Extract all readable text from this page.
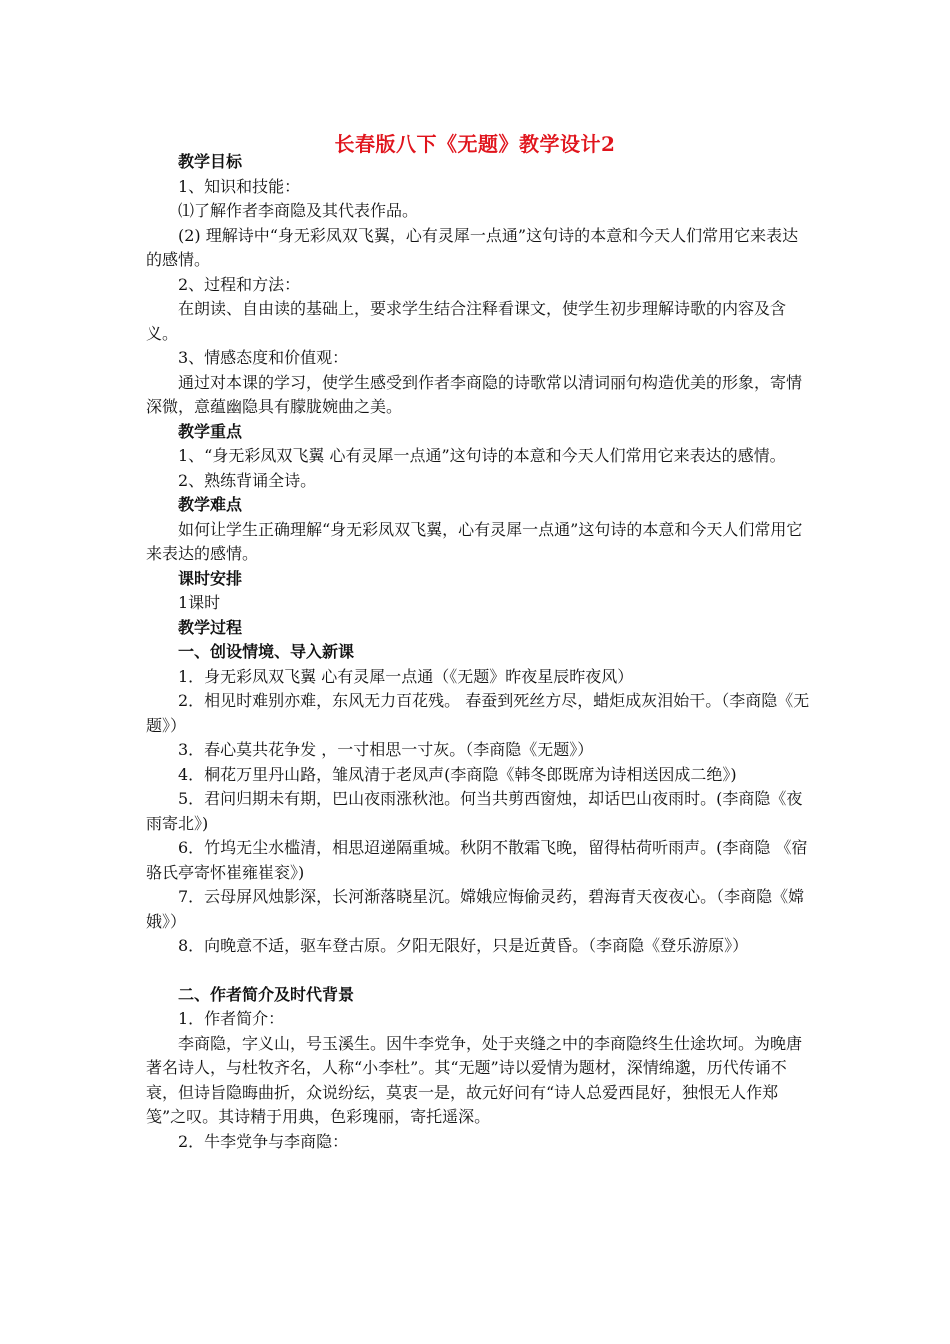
长春版八下《无题》教学设计2

教学目标

1、知识和技能：

⑴了解作者李商隐及其代表作品。

(2) 理解诗中“身无彩凤双飞翼，心有灵犀一点通”这句诗的本意和今天人们常用它来表达的感情。

2、过程和方法：

在朗读、自由读的基础上，要求学生结合注释看课文，使学生初步理解诗歌的内容及含义。

3、情感态度和价值观：

通过对本课的学习，使学生感受到作者李商隐的诗歌常以清词丽句构造优美的形象，寄情深微，意蕴幽隐具有朦胧婉曲之美。

教学重点

1、“身无彩凤双飞翼 心有灵犀一点通”这句诗的本意和今天人们常用它来表达的感情。

2、熟练背诵全诗。

教学难点

如何让学生正确理解“身无彩凤双飞翼，心有灵犀一点通”这句诗的本意和今天人们常用它来表达的感情。

课时安排

1课时

教学过程

一、创设情境、导入新课

1．身无彩凤双飞翼 心有灵犀一点通（《无题》昨夜星辰昨夜风）

2．相见时难别亦难，东风无力百花残。 春蚕到死丝方尽，蜡炬成灰泪始干。（李商隐《无题》）

3．春心莫共花争发 ，一寸相思一寸灰。（李商隐《无题》）

4．桐花万里丹山路，雏凤清于老凤声(李商隐《韩冬郎既席为诗相送因成二绝》)

5．君问归期未有期，巴山夜雨涨秋池。何当共剪西窗烛，却话巴山夜雨时。(李商隐《夜雨寄北》)

6．竹坞无尘水槛清，相思迢递隔重城。秋阴不散霜飞晚，留得枯荷听雨声。(李商隐 《宿骆氏亭寄怀崔雍崔衮》)

7．云母屏风烛影深，长河渐落晓星沉。嫦娥应悔偷灵药，碧海青天夜夜心。（李商隐《嫦娥》）

8．向晚意不适，驱车登古原。夕阳无限好，只是近黄昏。（李商隐《登乐游原》）

二、作者简介及时代背景

1．作者简介：

李商隐，字义山，号玉溪生。因牛李党争，处于夹缝之中的李商隐终生仕途坎坷。为晚唐著名诗人，与杜牧齐名，人称“小李杜”。其“无题”诗以爱情为题材，深情绵邈，历代传诵不衰，但诗旨隐晦曲折，众说纷纭，莫衷一是，故元好问有“诗人总爱西昆好，独恨无人作郑笺”之叹。其诗精于用典，色彩瑰丽，寄托遥深。

2．牛李党争与李商隐：
